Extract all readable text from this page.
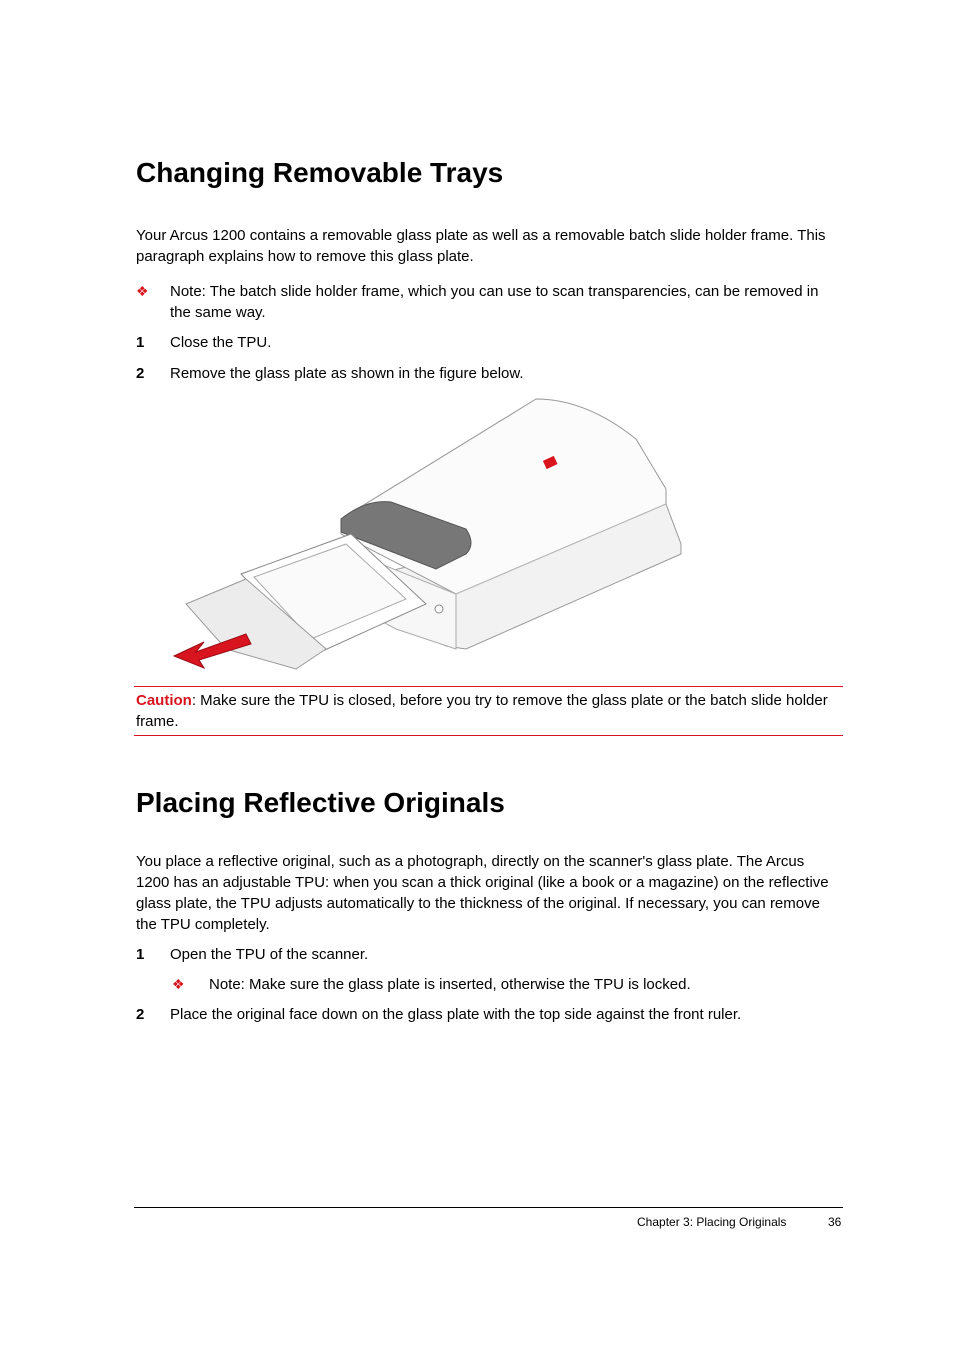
Changing Removable Trays

Your Arcus 1200 contains a removable glass plate as well as a removable batch slide holder frame. This paragraph explains how to remove this glass plate.

❖ Note: The batch slide holder frame, which you can use to scan transparencies, can be removed in the same way.
1 Close the TPU.
2 Remove the glass plate as shown in the figure below.

Caution: Make sure the TPU is closed, before you try to remove the glass plate or the batch slide holder frame.

Placing Reflective Originals

You place a reflective original, such as a photograph, directly on the scanner's glass plate. The Arcus 1200 has an adjustable TPU: when you scan a thick original (like a book or a magazine) on the reflective glass plate, the TPU adjusts automatically to the thickness of the original. If necessary, you can remove the TPU completely.

1 Open the TPU of the scanner.
❖ Note: Make sure the glass plate is inserted, otherwise the TPU is locked.
2 Place the original face down on the glass plate with the top side against the front ruler.
Chapter 3: Placing Originals	36
